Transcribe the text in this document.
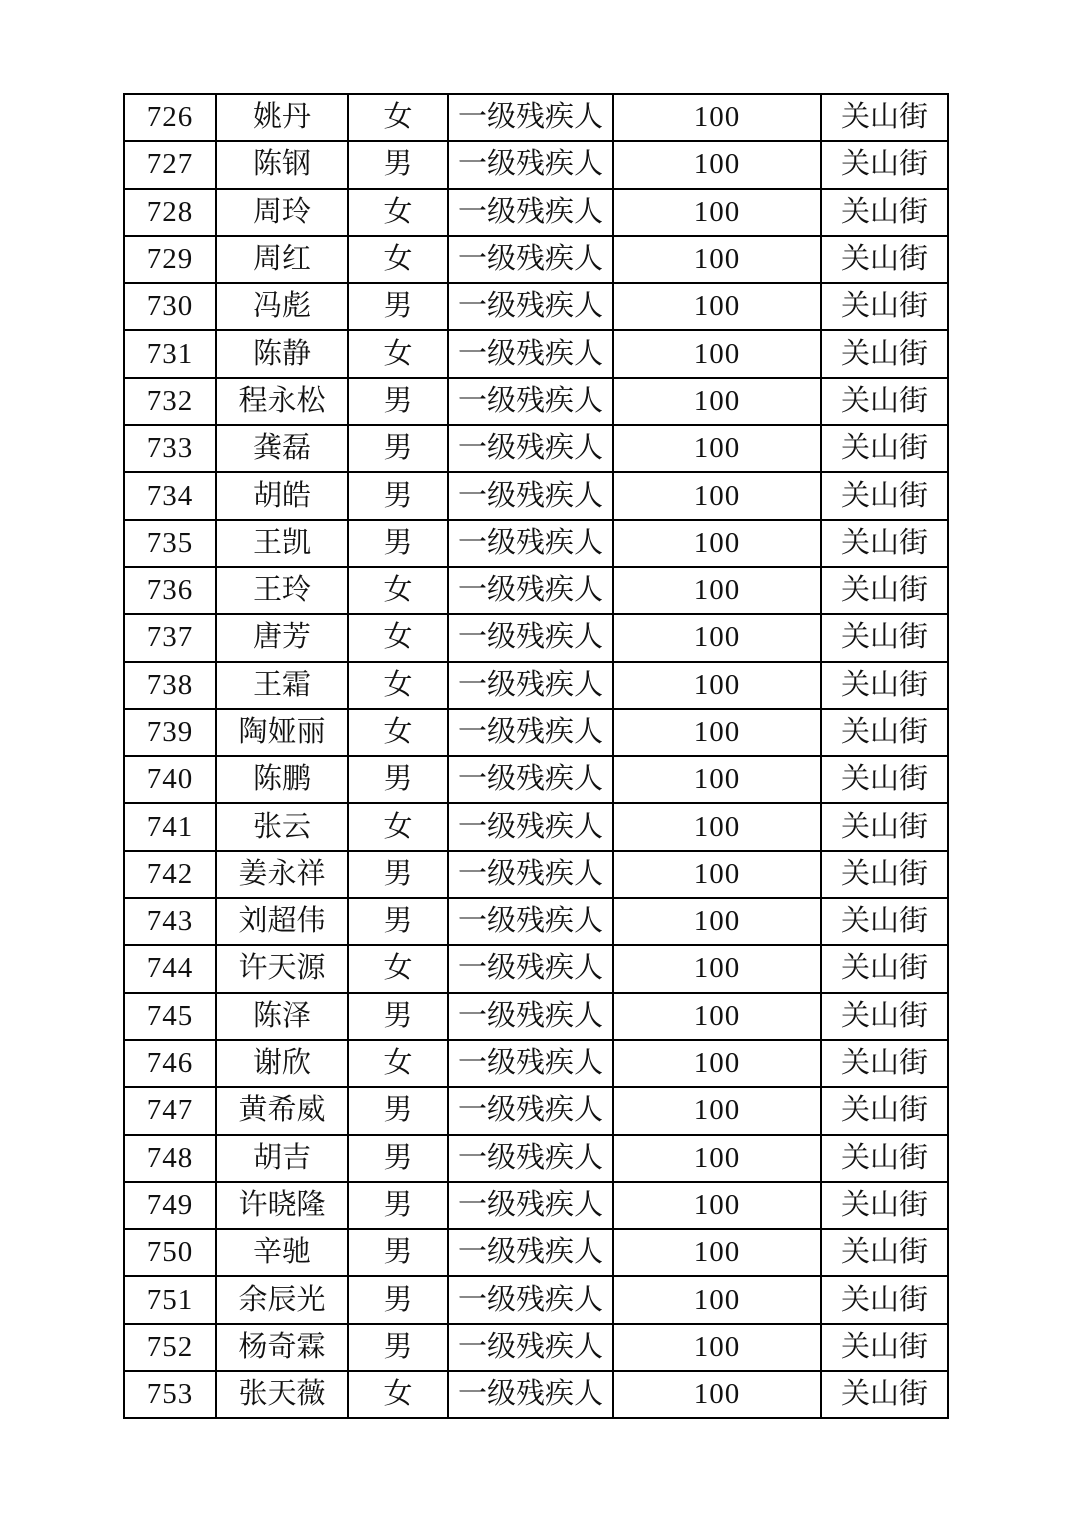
726	姚丹	女	一级残疾人	100	关山街
727	陈钢	男	一级残疾人	100	关山街
728	周玲	女	一级残疾人	100	关山街
729	周红	女	一级残疾人	100	关山街
730	冯彪	男	一级残疾人	100	关山街
731	陈静	女	一级残疾人	100	关山街
732	程永松	男	一级残疾人	100	关山街
733	龚磊	男	一级残疾人	100	关山街
734	胡皓	男	一级残疾人	100	关山街
735	王凯	男	一级残疾人	100	关山街
736	王玲	女	一级残疾人	100	关山街
737	唐芳	女	一级残疾人	100	关山街
738	王霜	女	一级残疾人	100	关山街
739	陶娅丽	女	一级残疾人	100	关山街
740	陈鹏	男	一级残疾人	100	关山街
741	张云	女	一级残疾人	100	关山街
742	姜永祥	男	一级残疾人	100	关山街
743	刘超伟	男	一级残疾人	100	关山街
744	许天源	女	一级残疾人	100	关山街
745	陈泽	男	一级残疾人	100	关山街
746	谢欣	女	一级残疾人	100	关山街
747	黄希威	男	一级残疾人	100	关山街
748	胡吉	男	一级残疾人	100	关山街
749	许晓隆	男	一级残疾人	100	关山街
750	辛驰	男	一级残疾人	100	关山街
751	余辰光	男	一级残疾人	100	关山街
752	杨奇霖	男	一级残疾人	100	关山街
753	张天薇	女	一级残疾人	100	关山街
